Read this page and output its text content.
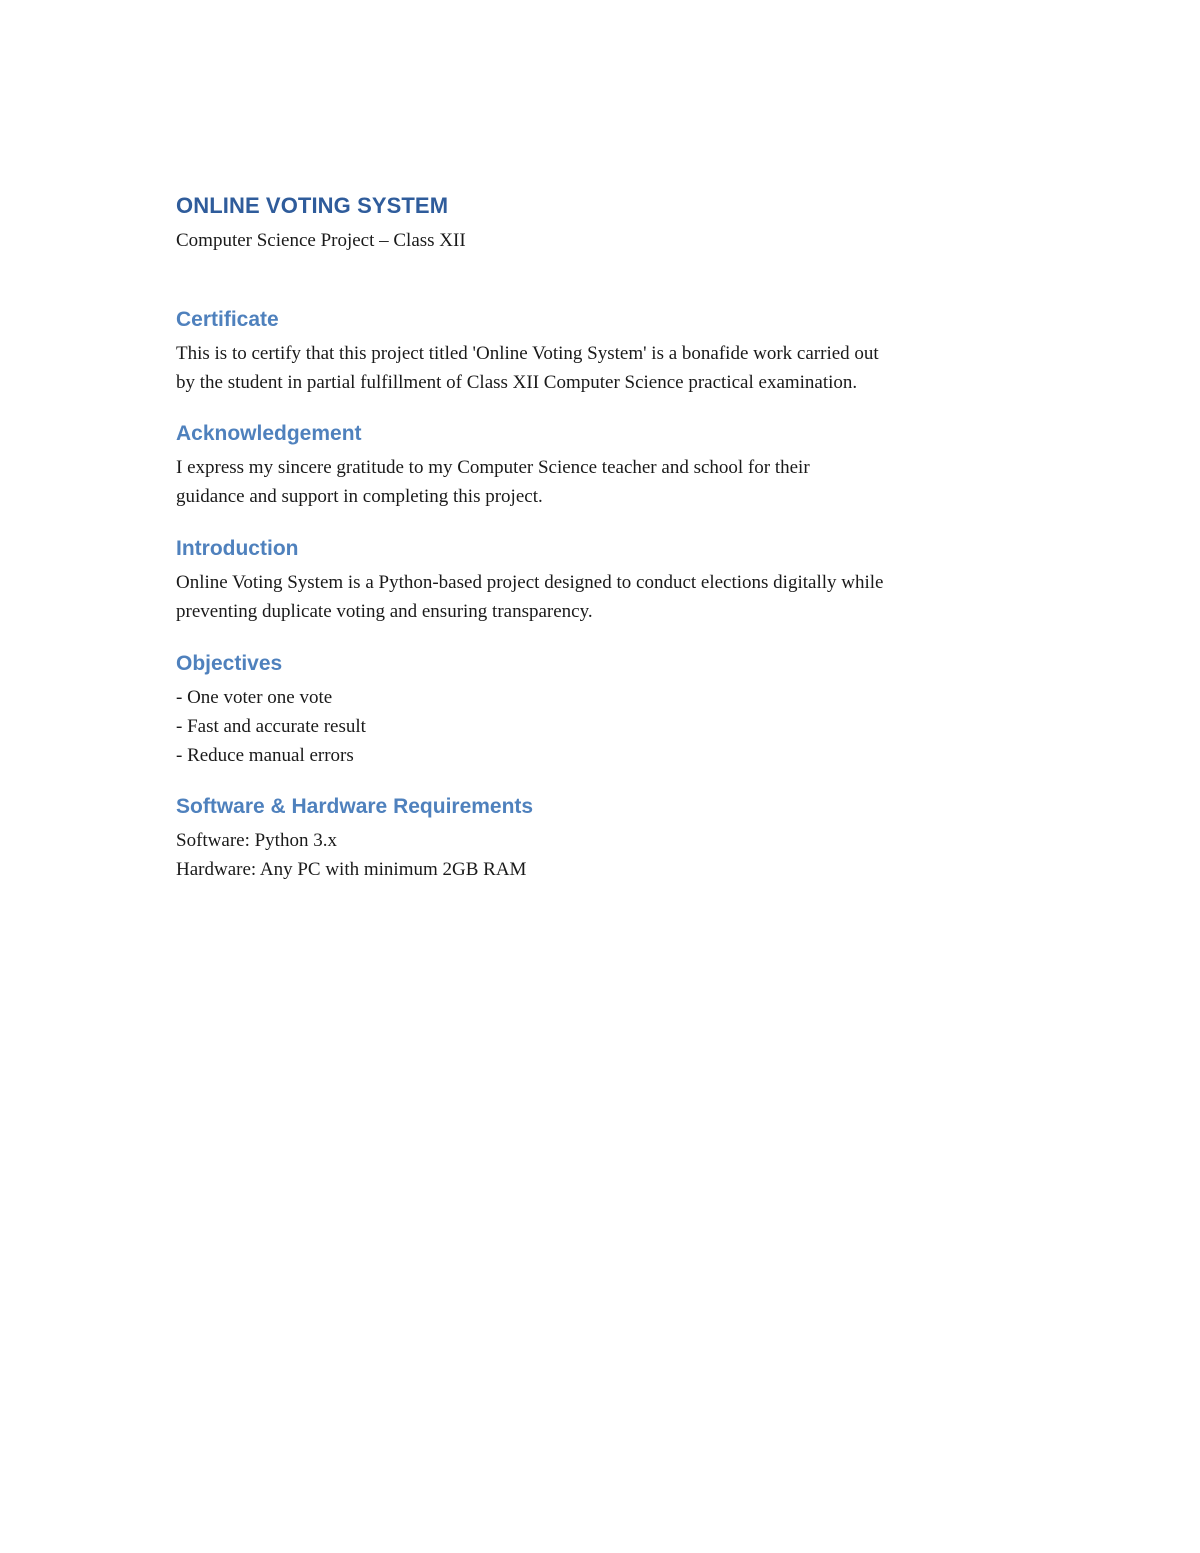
ONLINE VOTING SYSTEM

Computer Science Project – Class XII

Certificate

This is to certify that this project titled 'Online Voting System' is a bonafide work carried out

by the student in partial fulfillment of Class XII Computer Science practical examination.

Acknowledgement

I express my sincere gratitude to my Computer Science teacher and school for their

guidance and support in completing this project.

Introduction

Online Voting System is a Python-based project designed to conduct elections digitally while

preventing duplicate voting and ensuring transparency.

Objectives

- One voter one vote

- Fast and accurate result

- Reduce manual errors

Software & Hardware Requirements

Software: Python 3.x

Hardware: Any PC with minimum 2GB RAM
